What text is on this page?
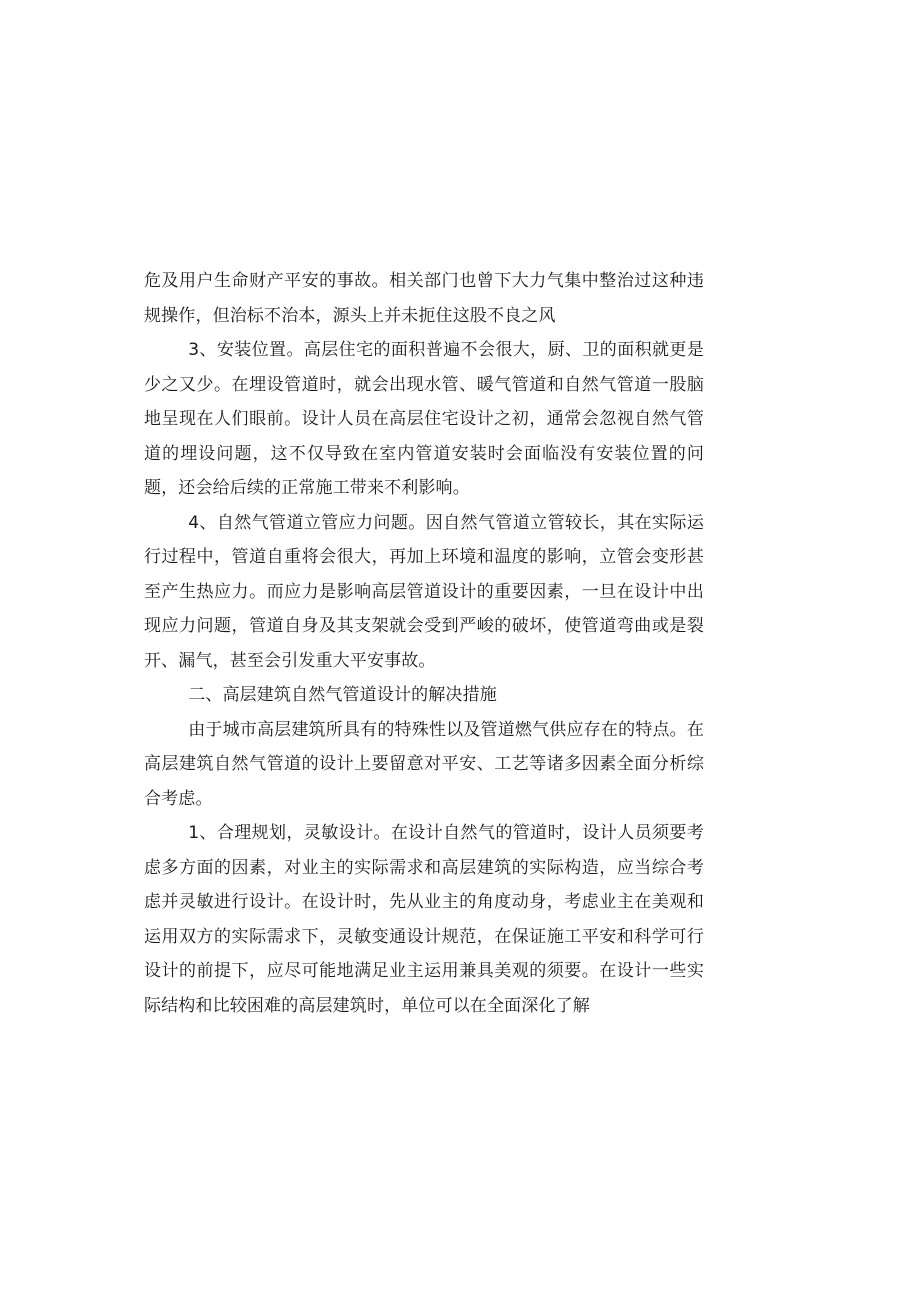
危及用户生命财产平安的事故。相关部门也曾下大力气集中整治过这种违规操作，但治标不治本，源头上并未扼住这股不良之风

3、安装位置。高层住宅的面积普遍不会很大，厨、卫的面积就更是少之又少。在埋设管道时，就会出现水管、暖气管道和自然气管道一股脑地呈现在人们眼前。设计人员在高层住宅设计之初，通常会忽视自然气管道的埋设问题，这不仅导致在室内管道安装时会面临没有安装位置的问题，还会给后续的正常施工带来不利影响。

4、自然气管道立管应力问题。因自然气管道立管较长，其在实际运行过程中，管道自重将会很大，再加上环境和温度的影响，立管会变形甚至产生热应力。而应力是影响高层管道设计的重要因素，一旦在设计中出现应力问题，管道自身及其支架就会受到严峻的破坏，使管道弯曲或是裂开、漏气，甚至会引发重大平安事故。

二、高层建筑自然气管道设计的解决措施

由于城市高层建筑所具有的特殊性以及管道燃气供应存在的特点。在高层建筑自然气管道的设计上要留意对平安、工艺等诸多因素全面分析综合考虑。

1、合理规划，灵敏设计。在设计自然气的管道时，设计人员须要考虑多方面的因素，对业主的实际需求和高层建筑的实际构造，应当综合考虑并灵敏进行设计。在设计时，先从业主的角度动身，考虑业主在美观和运用双方的实际需求下，灵敏变通设计规范，在保证施工平安和科学可行设计的前提下，应尽可能地满足业主运用兼具美观的须要。在设计一些实际结构和比较困难的高层建筑时，单位可以在全面深化了解
